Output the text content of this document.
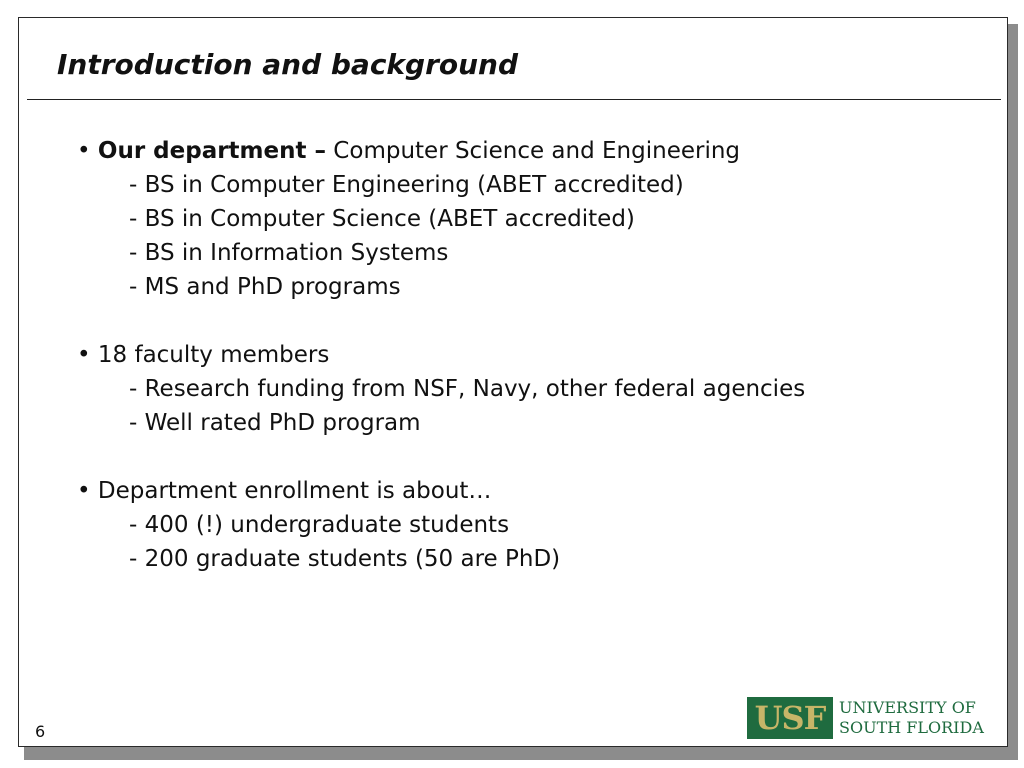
Introduction and background
• Our department – Computer Science and Engineering
- BS in Computer Engineering (ABET accredited)
- BS in Computer Science (ABET accredited)
- BS in Information Systems
- MS and PhD programs
• 18 faculty members
- Research funding from NSF, Navy, other federal agencies
- Well rated PhD program
• Department enrollment is about…
- 400 (!) undergraduate students
- 200 graduate students (50 are PhD)
6	USF UNIVERSITY OF
SOUTH FLORIDA
